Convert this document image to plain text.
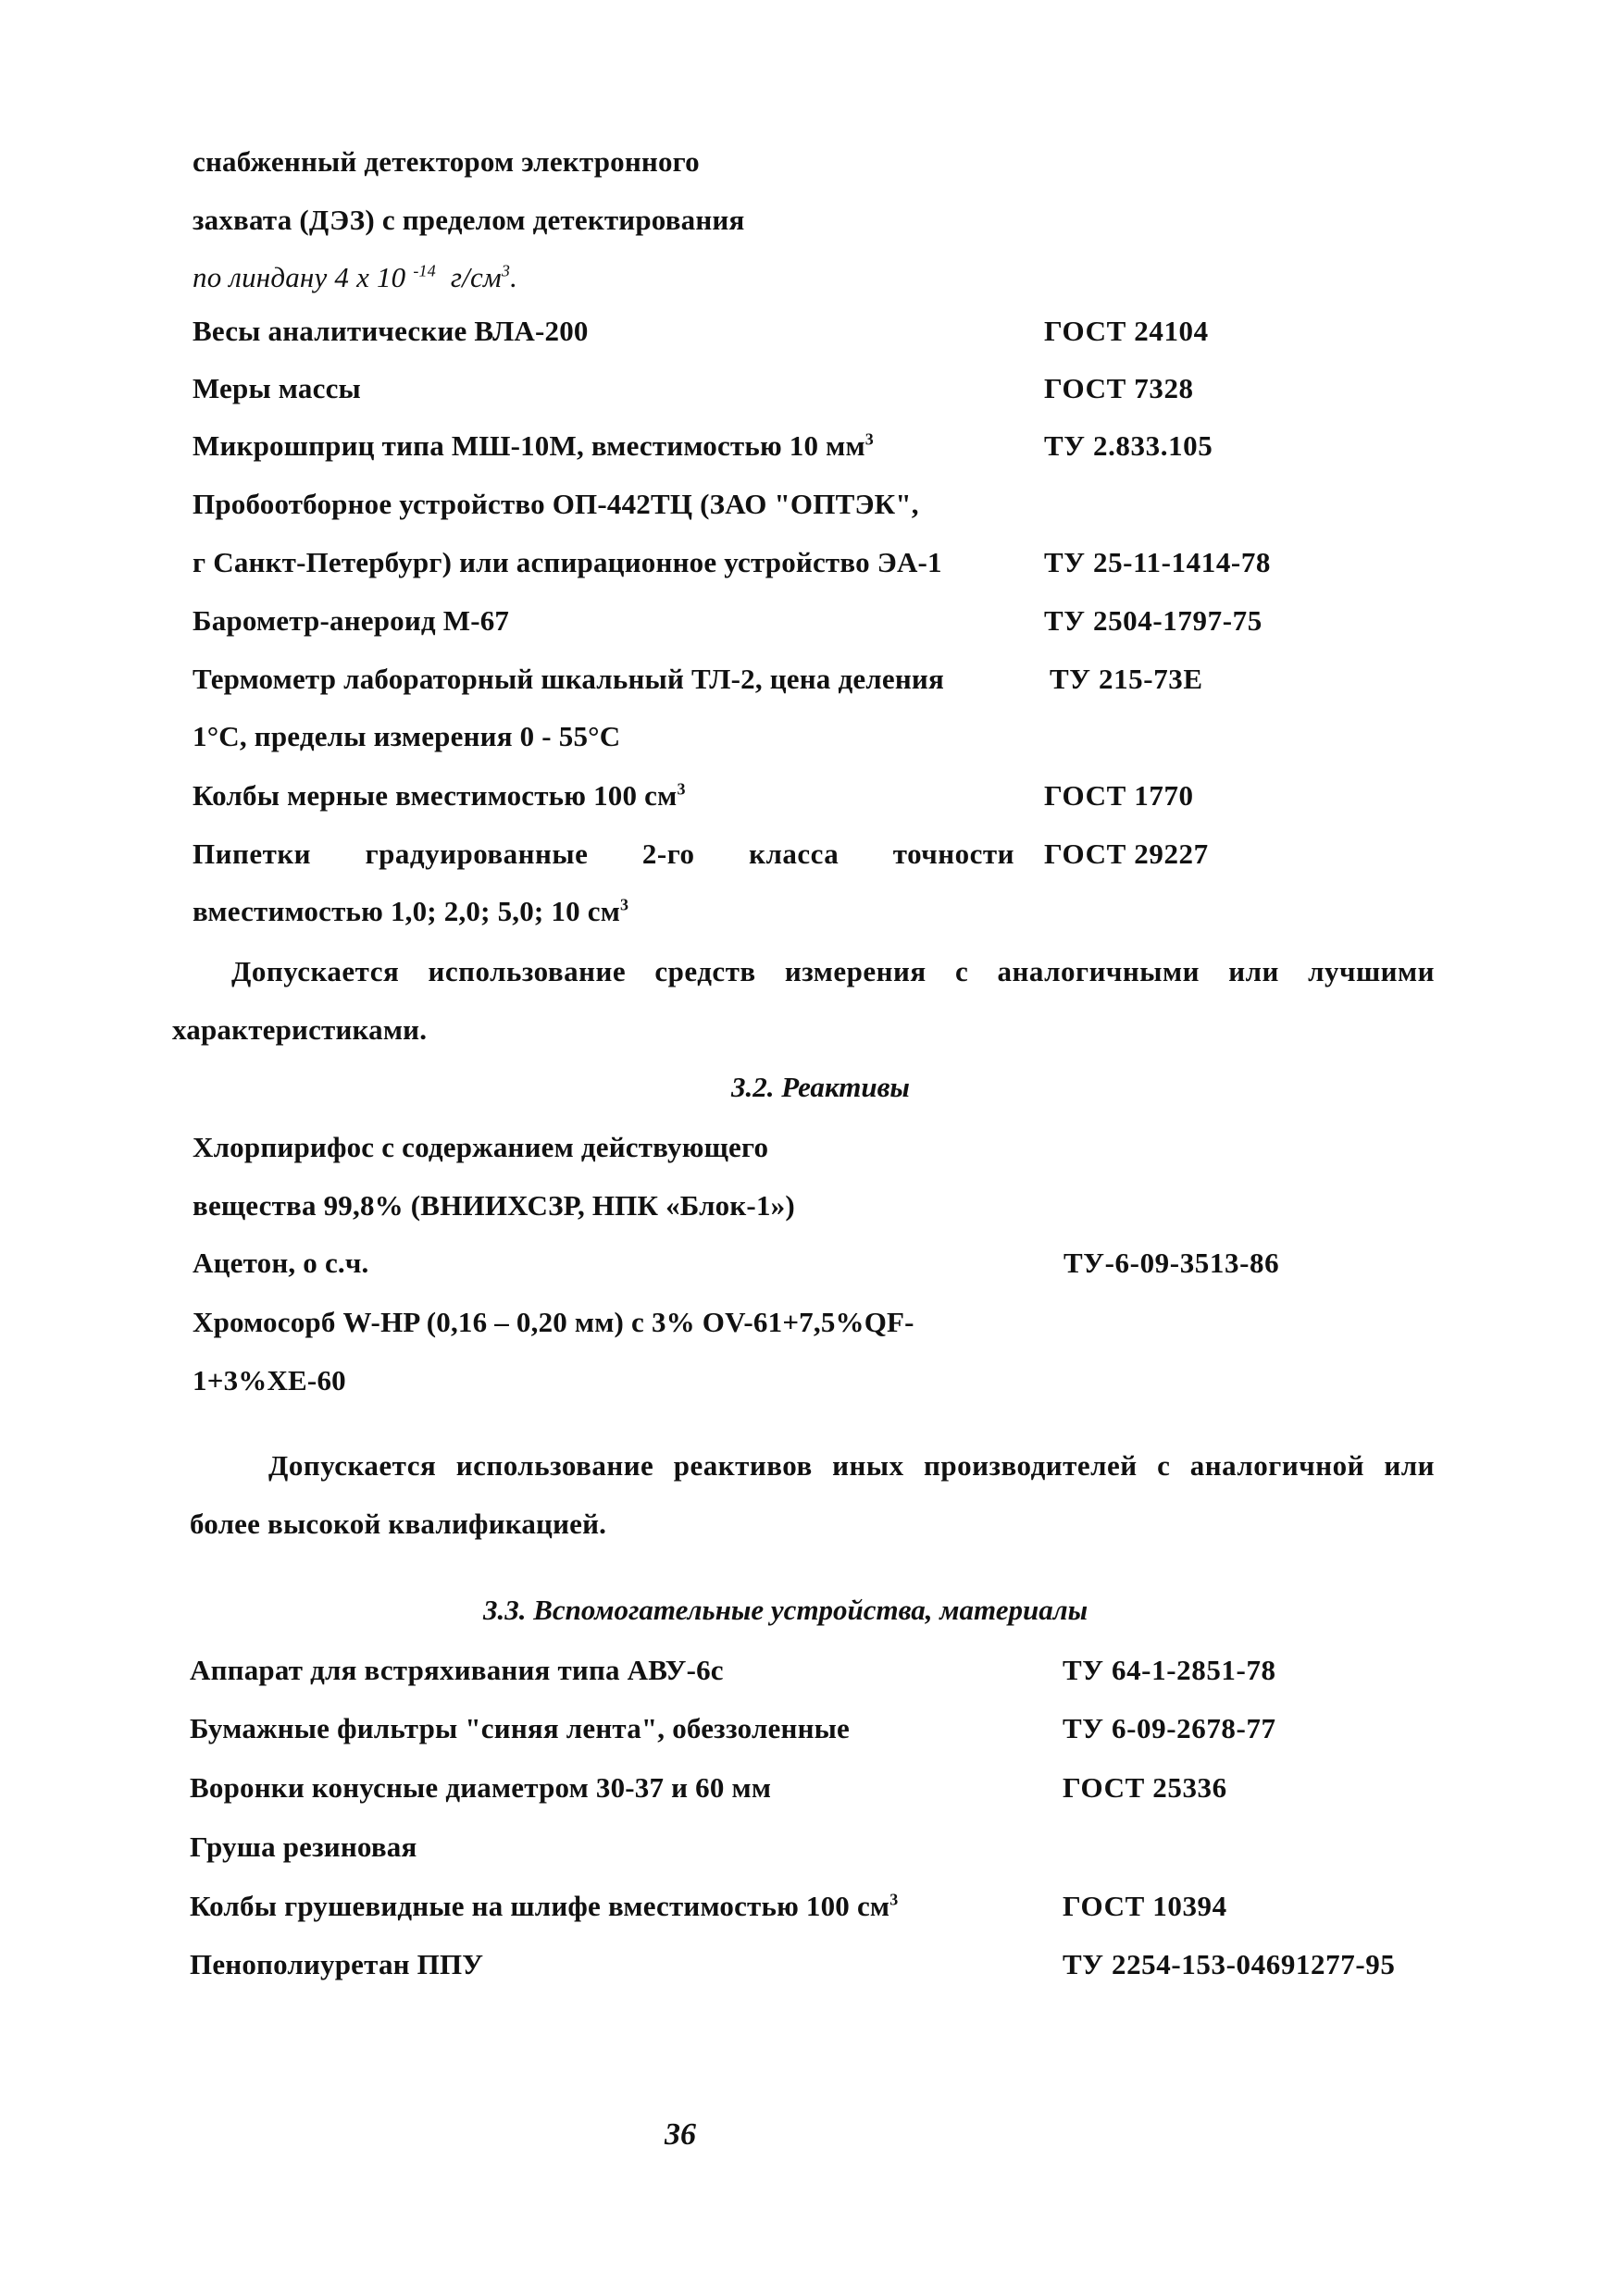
снабженный детектором электронного
захвата (ДЭЗ) с пределом детектирования
по линдану 4 х 10 $^{-14}$ $г/см^3$.
Весы аналитические ВЛА-200	ГОСТ 24104
Меры массы	ГОСТ 7328
Микрошприц типа МШ-10М, вместимостью 10 $мм^3$	ТУ 2.833.105
Пробоотборное устройство ОП-442ТЦ (ЗАО "ОПТЭК",
г Санкт-Петербург) или аспирационное устройство ЭА-1	ТУ 25-11-1414-78
Барометр-анероид М-67	ТУ 2504-1797-75
Термометр лабораторный шкальный ТЛ-2, цена деления	ТУ 215-73Е
1°С, пределы измерения 0 - 55°С
Колбы мерные вместимостью 100 $см^3$	ГОСТ 1770
Пипетки градуированные 2-го класса точности ГОСТ 29227
вместимостью 1,0; 2,0; 5,0; 10 $см^3$
Допускается использование средств измерения с аналогичными или лучшими
характеристиками.
3.2. Реактивы
Хлорпирифос с содержанием действующего
вещества 99,8% (ВНИИХСЗР, НПК «Блок-1»)
Ацетон, о с.ч.	ТУ-6-09-3513-86
Хромосорб W-HP (0,16 – 0,20 мм) с 3% OV-61+7,5%QF-
1+3%ХЕ-60
Допускается использование реактивов иных производителей с аналогичной или
более высокой квалификацией.
3.3. Вспомогательные устройства, материалы
Аппарат для встряхивания типа АВУ-6с	ТУ 64-1-2851-78
Бумажные фильтры "синяя лента", обеззоленные	ТУ 6-09-2678-77
Воронки конусные диаметром 30-37 и 60 мм	ГОСТ 25336
Груша резиновая
Колбы грушевидные на шлифе вместимостью 100 $см^3$	ГОСТ 10394
Пенополиуретан ППУ	ТУ 2254-153-04691277-95
36
